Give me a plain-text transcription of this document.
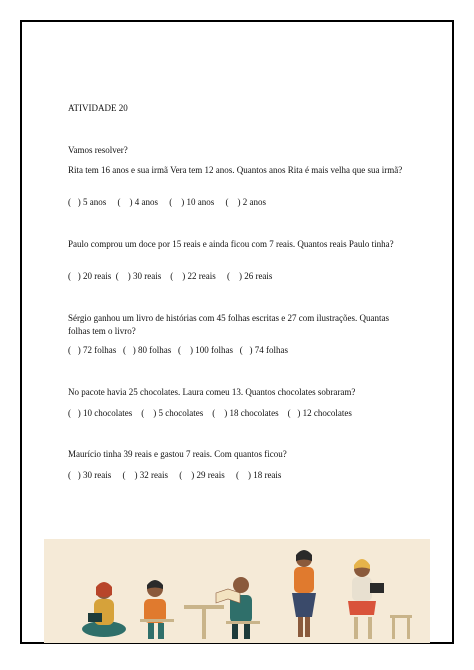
ATIVIDADE 20
Vamos resolver?
Rita tem 16 anos e sua irmã Vera tem 12 anos. Quantos anos Rita é mais velha que sua irmã?
(   ) 5 anos     (    ) 4 anos     (    ) 10 anos     (    ) 2 anos
Paulo comprou um doce por 15 reais e ainda ficou com 7 reais. Quantos reais Paulo tinha?
(   ) 20 reais  (    ) 30 reais    (    ) 22 reais     (    ) 26 reais
Sérgio ganhou um livro de histórias com 45 folhas escritas e 27 com ilustrações. Quantas folhas tem o livro?
(   ) 72 folhas   (   ) 80 folhas   (    ) 100 folhas   (   ) 74 folhas
No pacote havia 25 chocolates. Laura comeu 13. Quantos chocolates sobraram?
(   ) 10 chocolates    (    ) 5 chocolates    (    ) 18 chocolates    (   ) 12 chocolates
Maurício tinha 39 reais e gastou 7 reais. Com quantos ficou?
(   ) 30 reais     (    ) 32 reais     (    ) 29 reais     (    ) 18 reais
